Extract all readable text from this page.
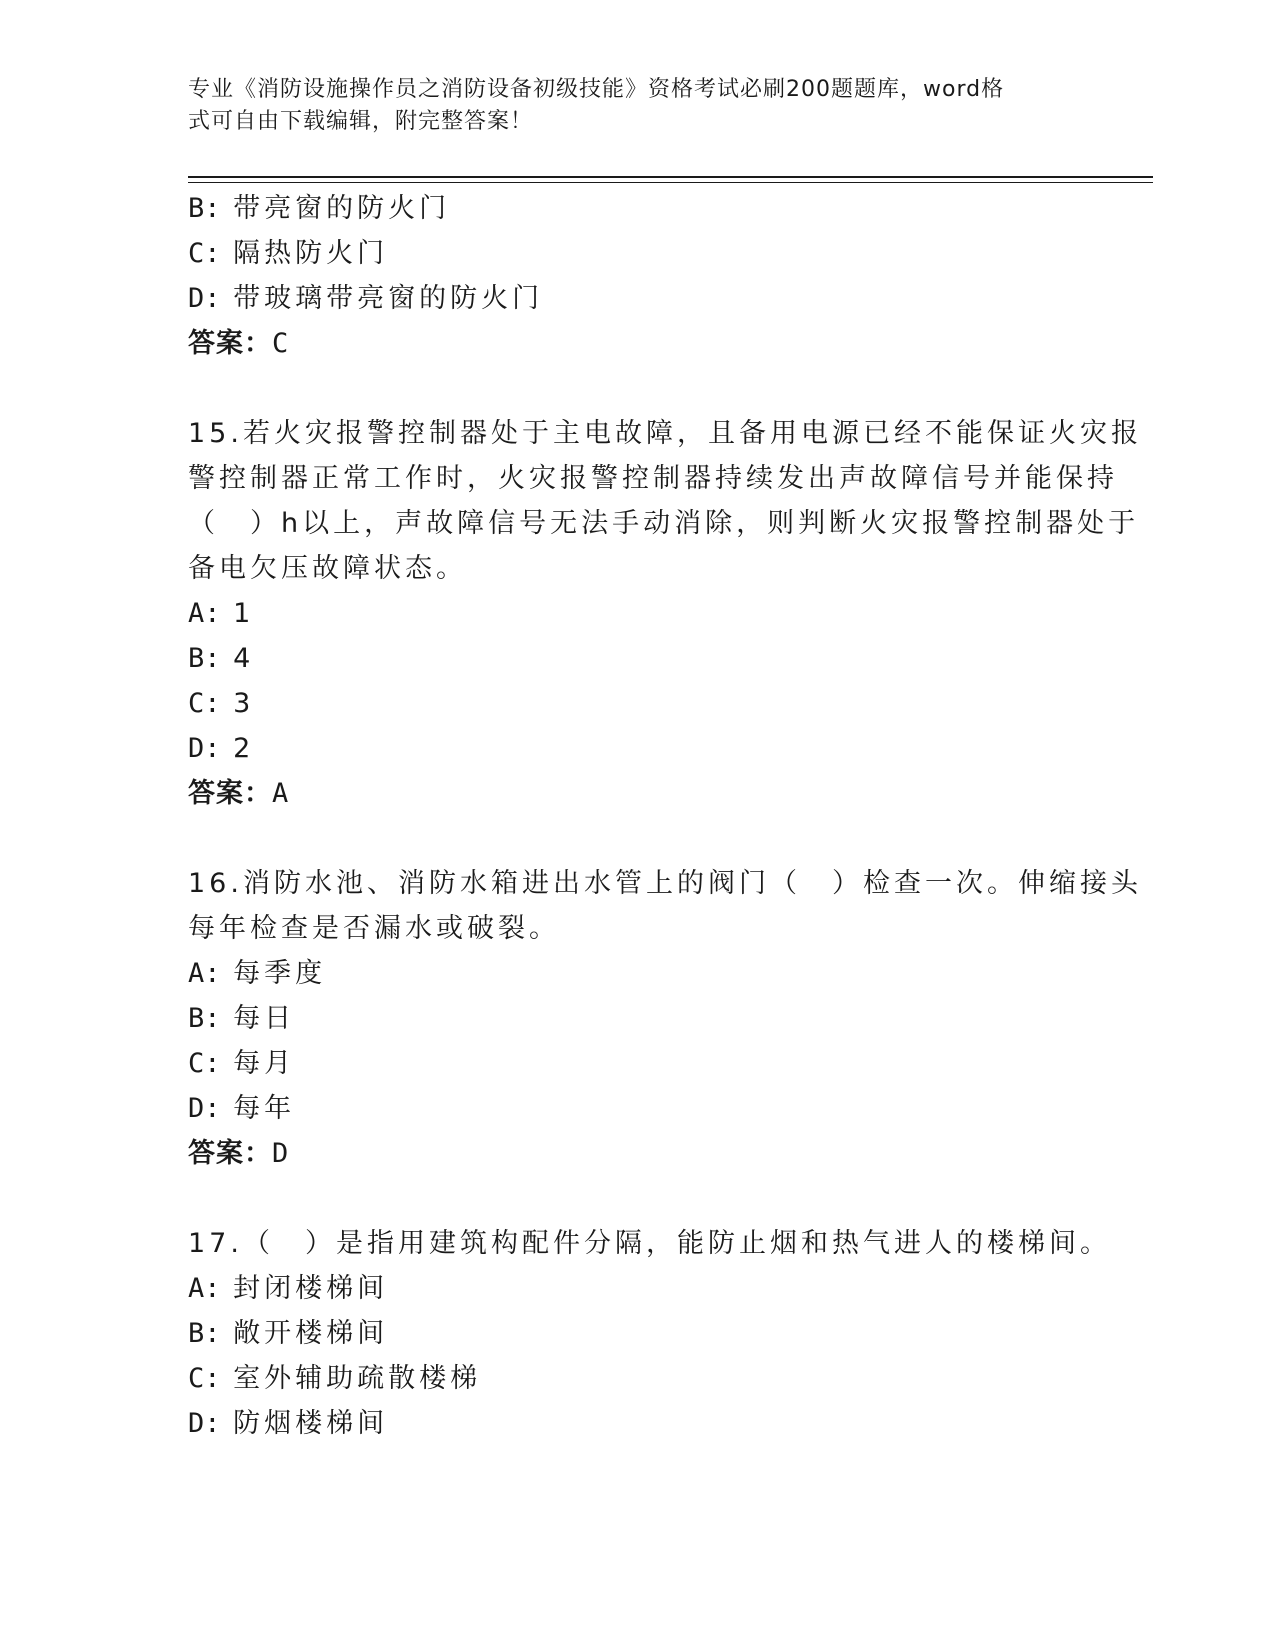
专业《消防设施操作员之消防设备初级技能》资格考试必刷200题题库，word格
式可自由下载编辑，附完整答案！
B: 带亮窗的防火门
C: 隔热防火门
D: 带玻璃带亮窗的防火门
答案：C
15.若火灾报警控制器处于主电故障，且备用电源已经不能保证火灾报
警控制器正常工作时，火灾报警控制器持续发出声故障信号并能保持
（　）h以上，声故障信号无法手动消除，则判断火灾报警控制器处于
备电欠压故障状态。
A: 1
B: 4
C: 3
D: 2
答案：A
16.消防水池、消防水箱进出水管上的阀门（　）检查一次。伸缩接头
每年检查是否漏水或破裂。
A: 每季度
B: 每日
C: 每月
D: 每年
答案：D
17.（　）是指用建筑构配件分隔，能防止烟和热气进人的楼梯间。
A: 封闭楼梯间
B: 敞开楼梯间
C: 室外辅助疏散楼梯
D: 防烟楼梯间
